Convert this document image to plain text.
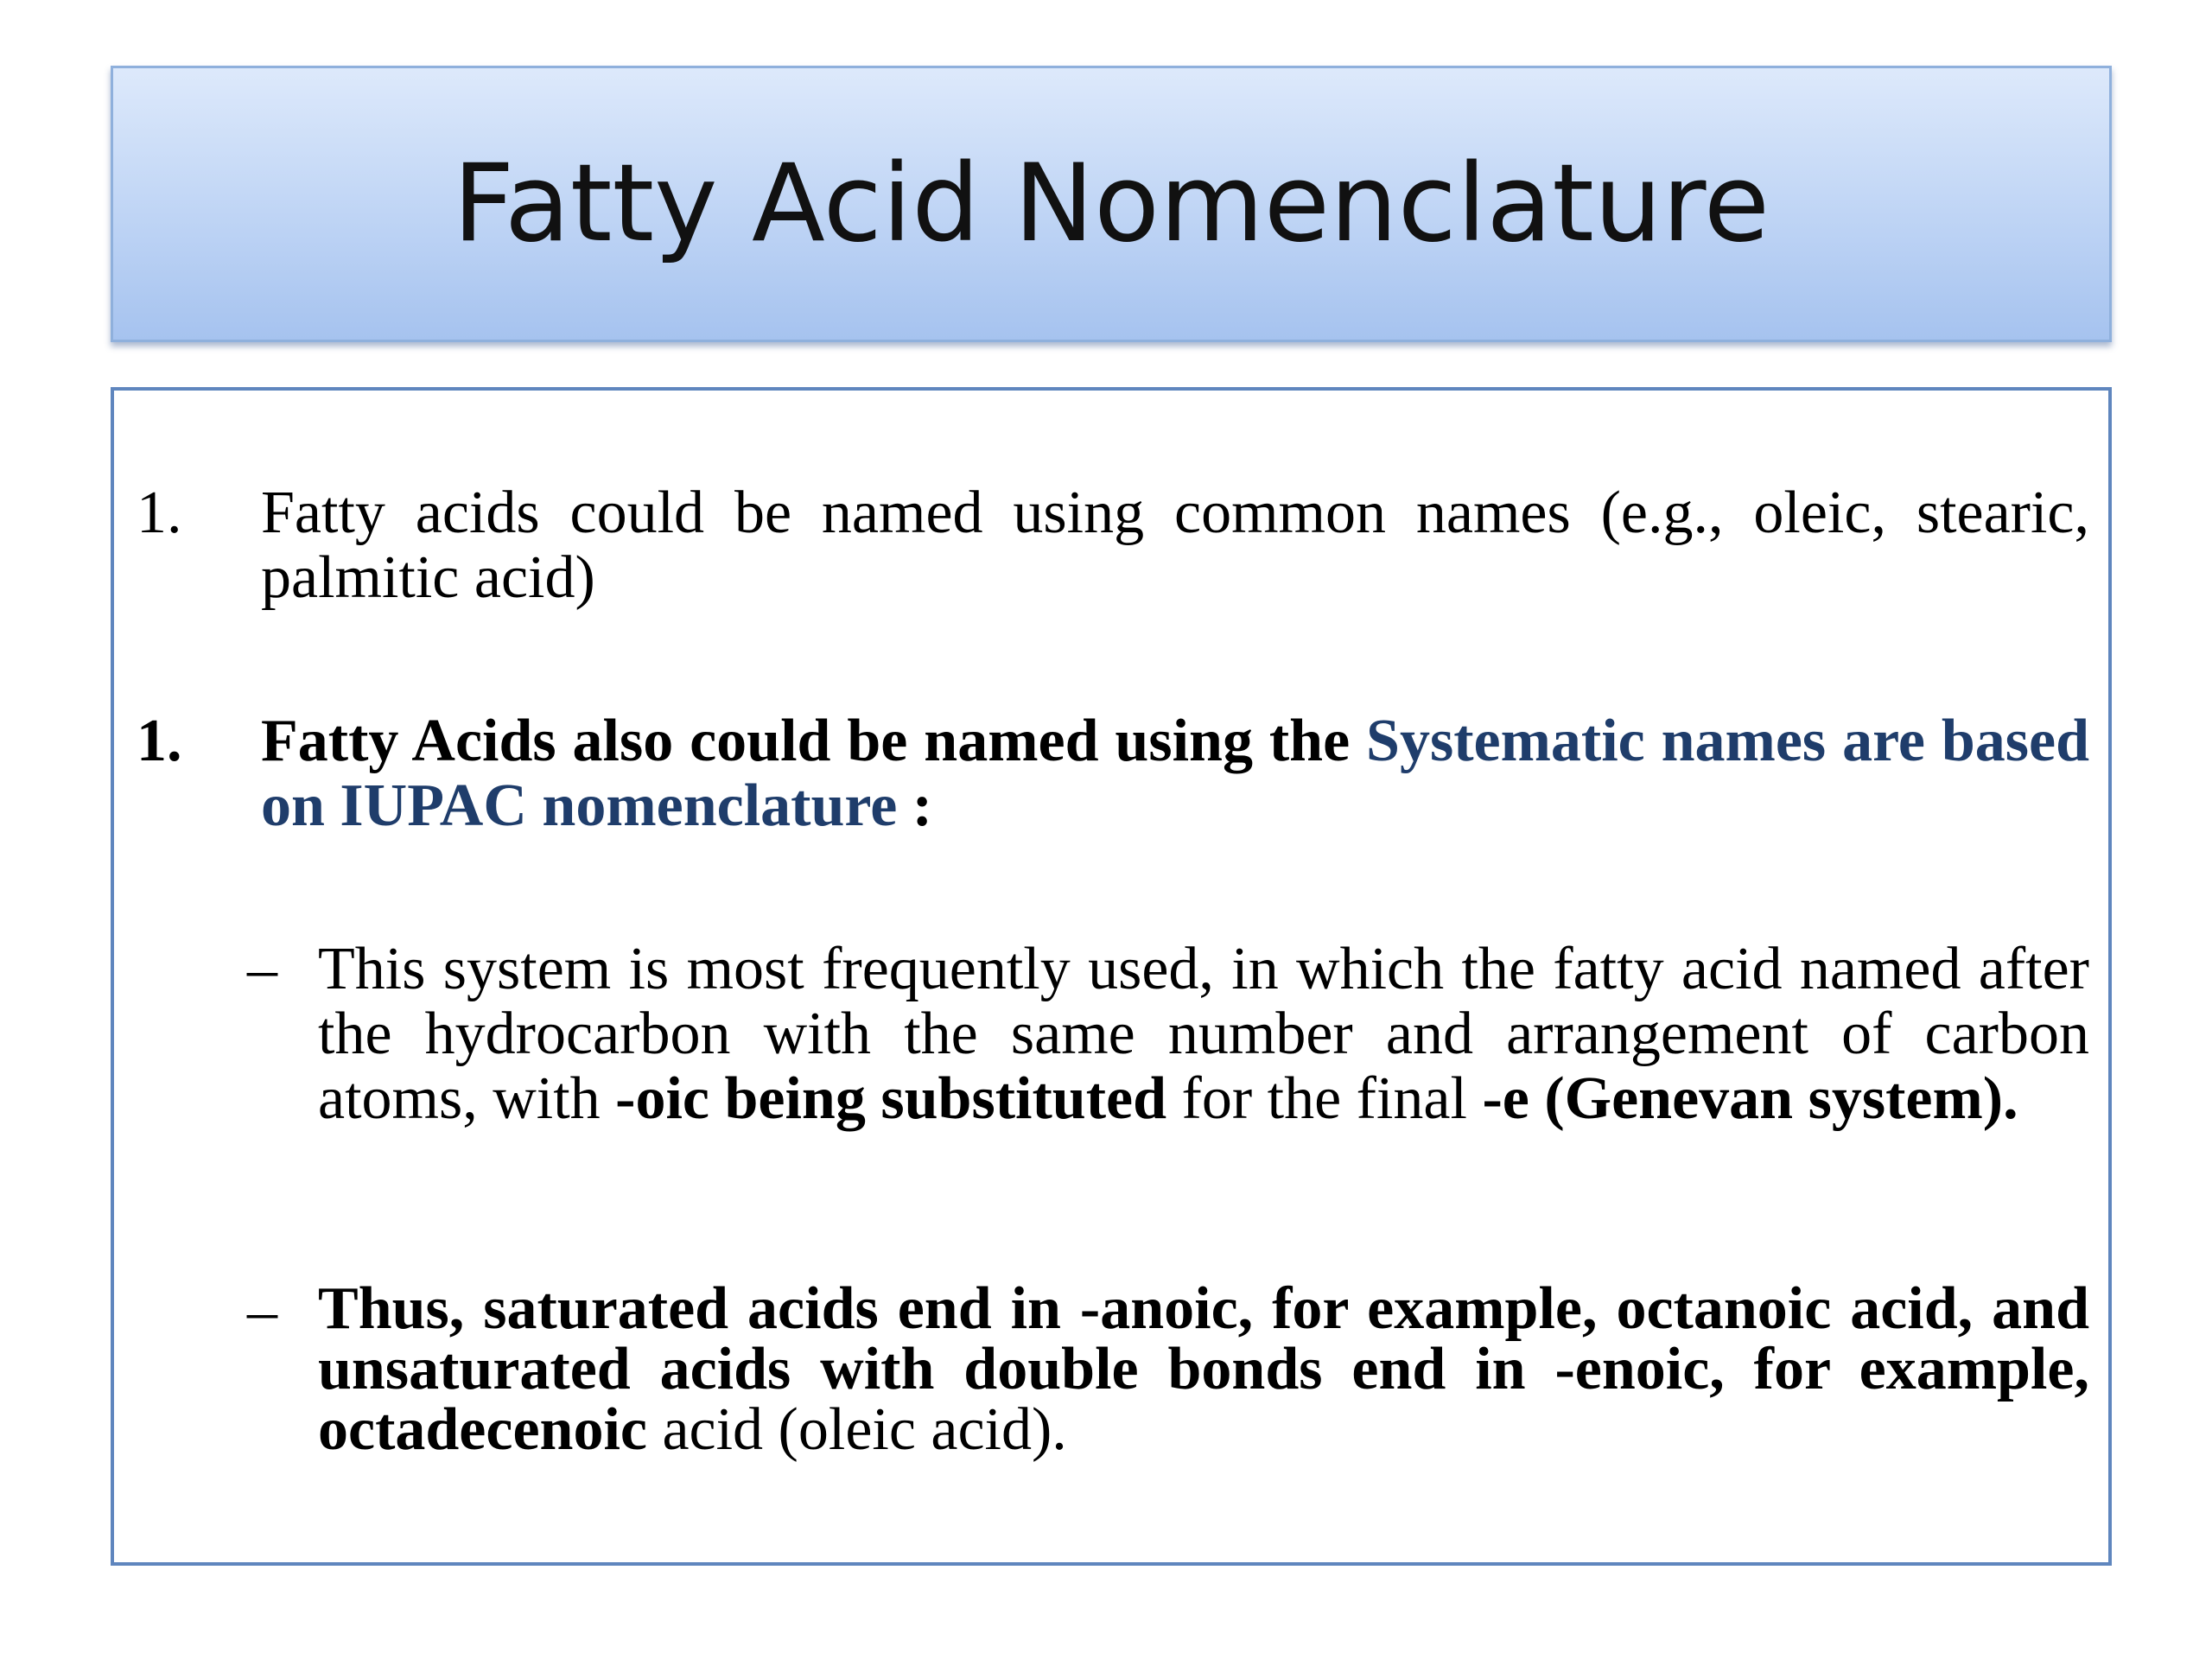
Fatty Acid Nomenclature
1. Fatty acids could be named using common names (e.g., oleic, stearic, palmitic acid)
1. Fatty Acids also could be named using the Systematic names are based on IUPAC nomenclature :
– This system is most frequently used, in which the fatty acid named after the hydrocarbon with the same number and arrangement of carbon atoms, with -oic being substituted for the final -e (Genevan system).
– Thus, saturated acids end in -anoic, for example, octanoic acid, and unsaturated acids with double bonds end in -enoic, for example, octadecenoic acid (oleic acid).
